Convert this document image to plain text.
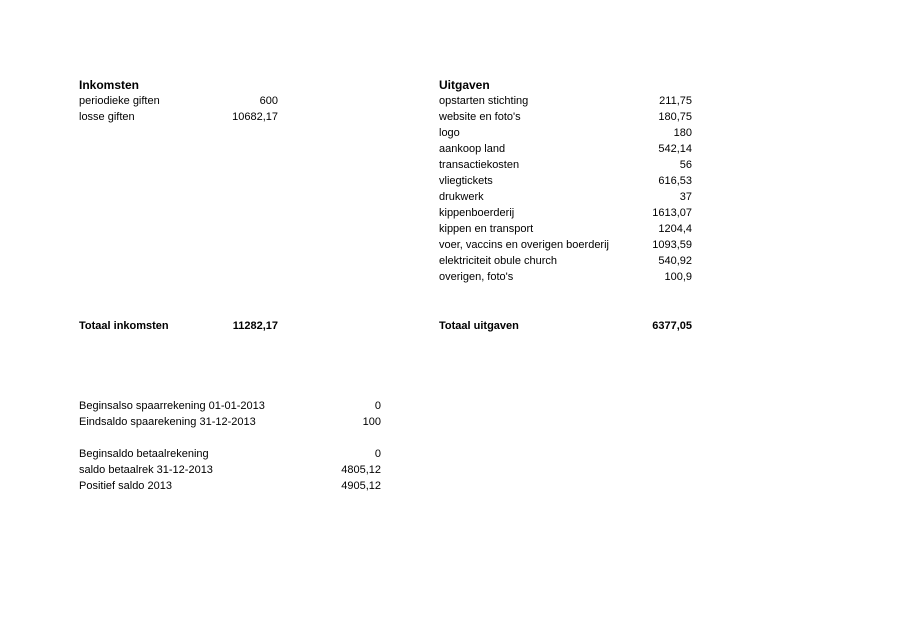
Inkomsten
periodieke giften	600
losse giften	10682,17
Uitgaven
opstarten stichting	211,75
website en foto's	180,75
logo	180
aankoop land	542,14
transactiekosten	56
vliegtickets	616,53
drukwerk	37
kippenboerderij	1613,07
kippen en transport	1204,4
voer, vaccins en overigen boerderij	1093,59
elektriciteit obule church	540,92
overigen, foto's	100,9
Totaal inkomsten	11282,17	Totaal uitgaven	6377,05
Beginsalso spaarrekening 01-01-2013	0
Eindsaldo spaarekening 31-12-2013	100
Beginsaldo betaalrekening	0
saldo betaalrek 31-12-2013	4805,12
Positief saldo 2013	4905,12
